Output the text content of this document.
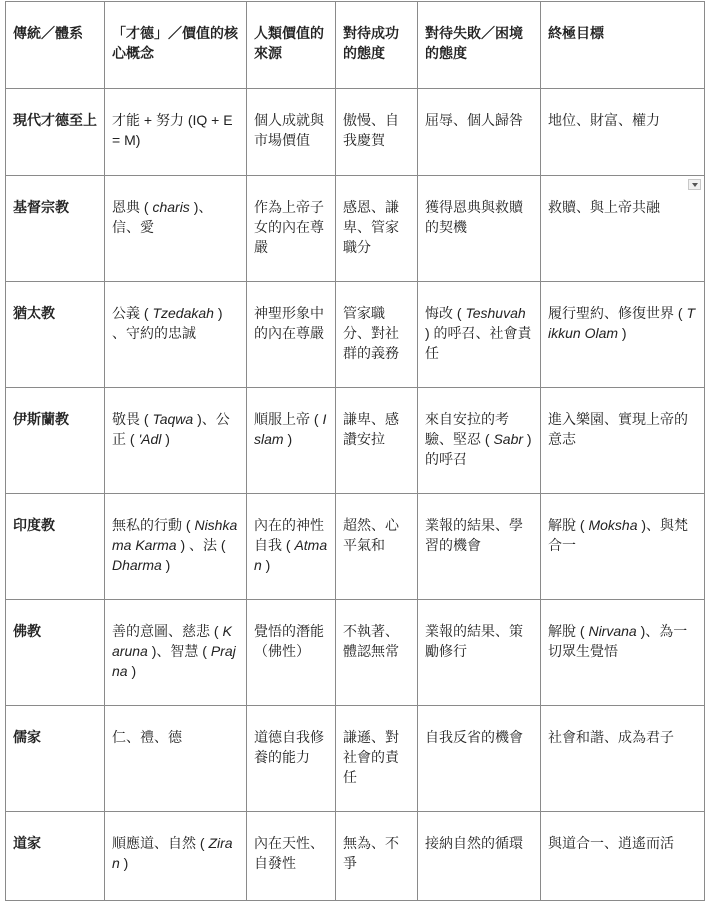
傳統／體系	「才德」／價值的核心概念	人類價值的來源	對待成功的態度	對待失敗／困境的態度	終極目標
現代才德至上	才能 + 努力 (IQ + E = M)	個人成就與市場價值	傲慢、自我慶賀	屈辱、個人歸咎	地位、財富、權力
基督宗教	恩典 ( charis )、信、愛	作為上帝子女的內在尊嚴	感恩、謙卑、管家職分	獲得恩典與救贖的契機	救贖、與上帝共融

猶太教	公義 ( Tzedakah ) 、守約的忠誠	神聖形象中的內在尊嚴	管家職分、對社群的義務	悔改 ( Teshuvah ) 的呼召、社會責任	履行聖約、修復世界 ( Tikkun Olam )
伊斯蘭教	敬畏 ( Taqwa )、公正 ( 'Adl )	順服上帝 ( Islam )	謙卑、感讚安拉	來自安拉的考驗、堅忍 ( Sabr ) 的呼召	進入樂園、實現上帝的意志
印度教	無私的行動 ( Nishkama Karma ) 、法 ( Dharma )	內在的神性自我 ( Atman )	超然、心平氣和	業報的結果、學習的機會	解脫 ( Moksha )、與梵合一
佛教	善的意圖、慈悲 ( Karuna )、智慧 ( Prajna )	覺悟的潛能（佛性）	不執著、體認無常	業報的結果、策勵修行	解脫 ( Nirvana )、為一切眾生覺悟
儒家	仁、禮、德	道德自我修養的能力	謙遜、對社會的責任	自我反省的機會	社會和諧、成為君子
道家	順應道、自然 ( Ziran )	內在天性、自發性	無為、不爭	接納自然的循環	與道合一、逍遙而活
